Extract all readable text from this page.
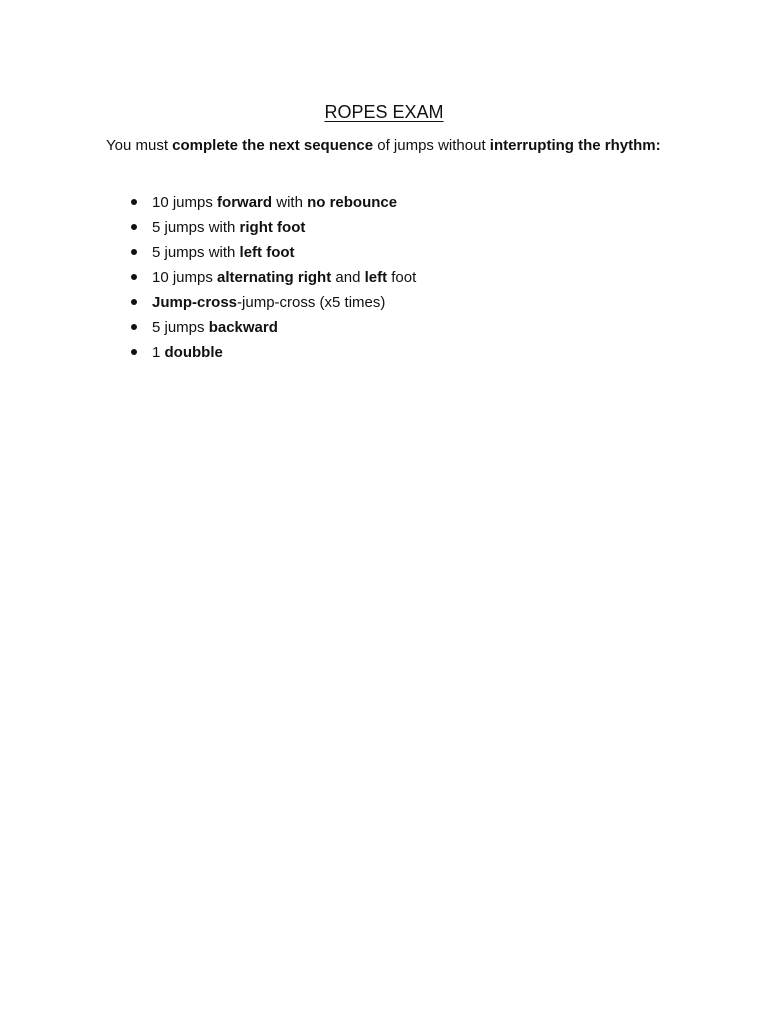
ROPES EXAM

You must complete the next sequence of jumps without interrupting the rhythm:

10 jumps forward with no rebounce
5 jumps with right foot
5 jumps with left foot
10 jumps alternating right and left foot
Jump-cross-jump-cross (x5 times)
5 jumps backward
1 doubble
